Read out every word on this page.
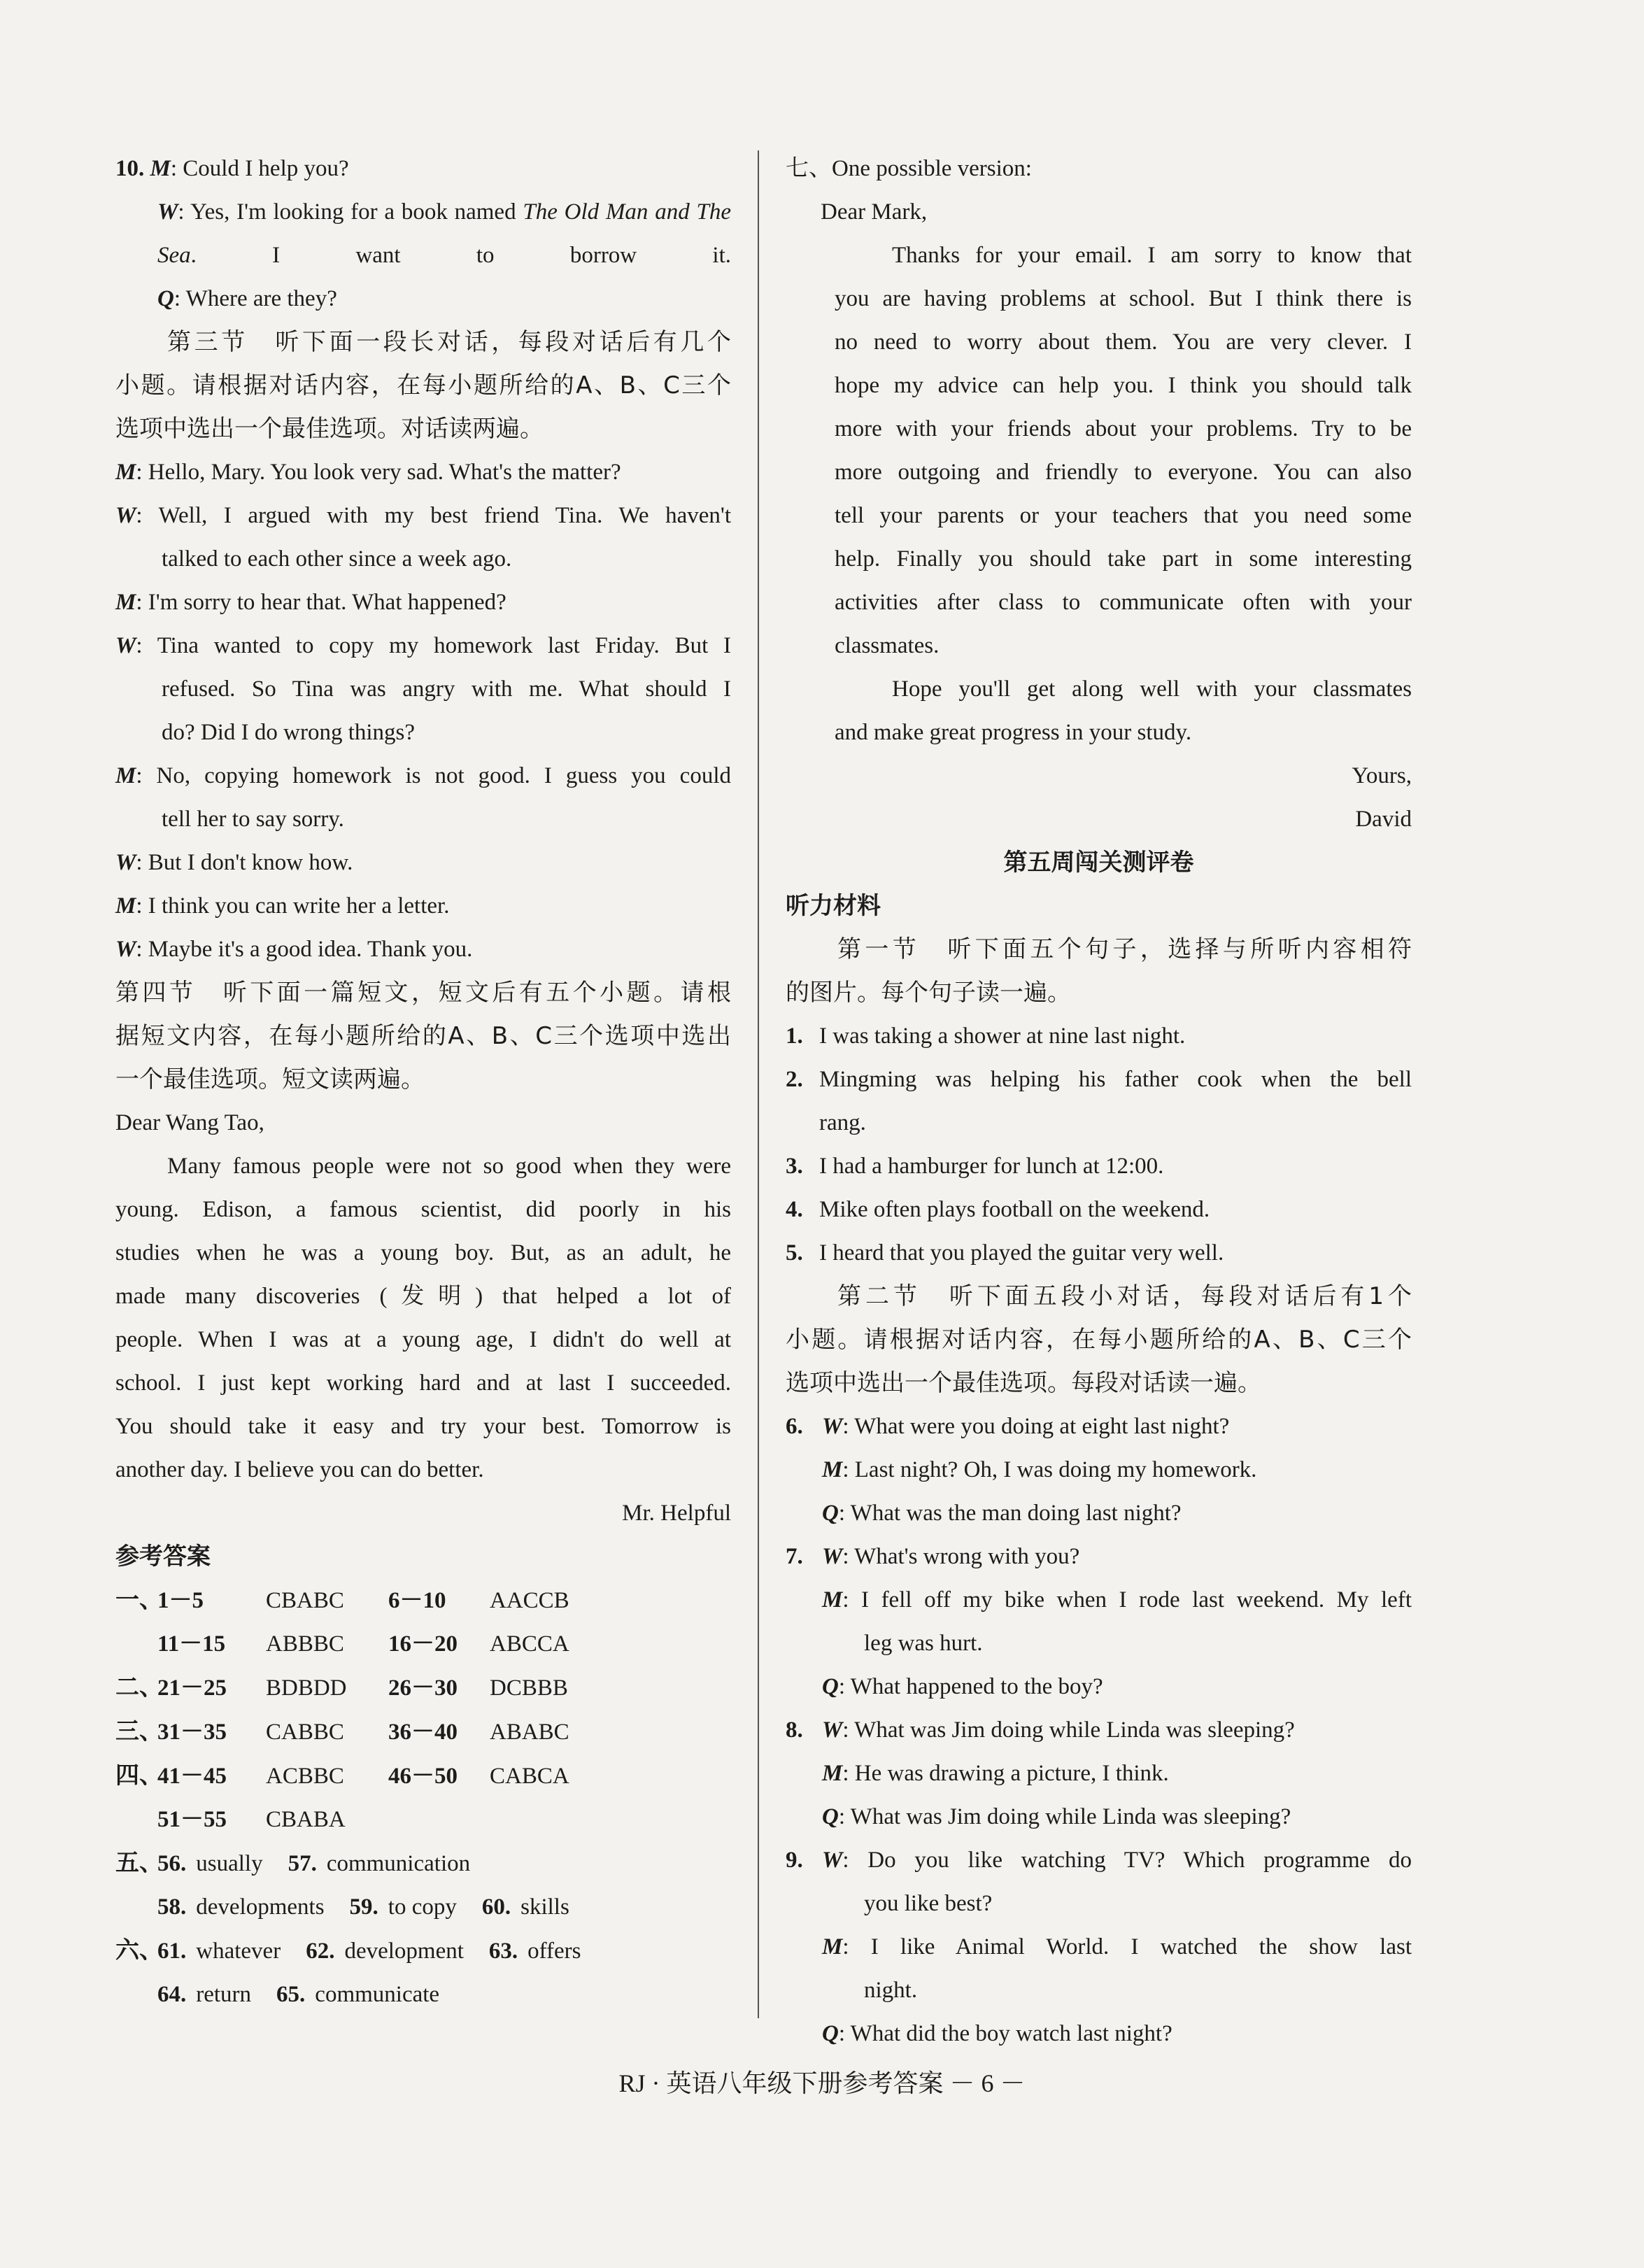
10. M: Could I help you?
W: Yes, I'm looking for a book named The Old Man and The Sea. I want to borrow it.
Q: Where are they?
第三节　听下面一段长对话，每段对话后有几个
小题。请根据对话内容，在每小题所给的A、B、C三个
选项中选出一个最佳选项。对话读两遍。
M: Hello, Mary. You look very sad. What's the matter?
W: Well, I argued with my best friend Tina. We haven't
talked to each other since a week ago.
M: I'm sorry to hear that. What happened?
W: Tina wanted to copy my homework last Friday. But I
refused. So Tina was angry with me. What should I
do? Did I do wrong things?
M: No, copying homework is not good. I guess you could
tell her to say sorry.
W: But I don't know how.
M: I think you can write her a letter.
W: Maybe it's a good idea. Thank you.
第四节　听下面一篇短文，短文后有五个小题。请根
据短文内容，在每小题所给的A、B、C三个选项中选出
一个最佳选项。短文读两遍。
Dear Wang Tao,
Many famous people were not so good when they were
young. Edison, a famous scientist, did poorly in his
studies when he was a young boy. But, as an adult, he
made many discoveries (发明) that helped a lot of
people. When I was at a young age, I didn't do well at
school. I just kept working hard and at last I succeeded.
You should take it easy and try your best. Tomorrow is
another day. I believe you can do better.
Mr. Helpful
参考答案
一、1－5	CBABC 6－10 AACCB
11－15 ABBBC 16－20 ABCCA
二、21－25 BDBDD 26－30 DCBBB
三、31－35 CABBC 36－40 ABABC
四、41－45 ACBBC 46－50 CABCA
51－55 CBABA
五、56. usually 57. communication
58. developments 59. to copy 60. skills
六、61. whatever 62. development 63. offers
64. return 65. communicate
七、One possible version:
Dear Mark,
Thanks for your email. I am sorry to know that
you are having problems at school. But I think there is
no need to worry about them. You are very clever. I
hope my advice can help you. I think you should talk
more with your friends about your problems. Try to be
more outgoing and friendly to everyone. You can also
tell your parents or your teachers that you need some
help. Finally you should take part in some interesting
activities after class to communicate often with your
classmates.
Hope you'll get along well with your classmates
and make great progress in your study.
Yours,
David
第五周闯关测评卷
听力材料
第一节　听下面五个句子，选择与所听内容相符
的图片。每个句子读一遍。
1. I was taking a shower at nine last night.
2. Mingming was helping his father cook when the bell
rang.
3. I had a hamburger for lunch at 12:00.
4. Mike often plays football on the weekend.
5. I heard that you played the guitar very well.
第二节　听下面五段小对话，每段对话后有1个
小题。请根据对话内容，在每小题所给的A、B、C三个
选项中选出一个最佳选项。每段对话读一遍。
6. W: What were you doing at eight last night?
M: Last night? Oh, I was doing my homework.
Q: What was the man doing last night?
7. W: What's wrong with you?
M: I fell off my bike when I rode last weekend. My left
leg was hurt.
Q: What happened to the boy?
8. W: What was Jim doing while Linda was sleeping?
M: He was drawing a picture, I think.
Q: What was Jim doing while Linda was sleeping?
9. W: Do you like watching TV? Which programme do
you like best?
M: I like Animal World. I watched the show last
night.
Q: What did the boy watch last night?
RJ · 英语八年级下册参考答案 － 6 －
